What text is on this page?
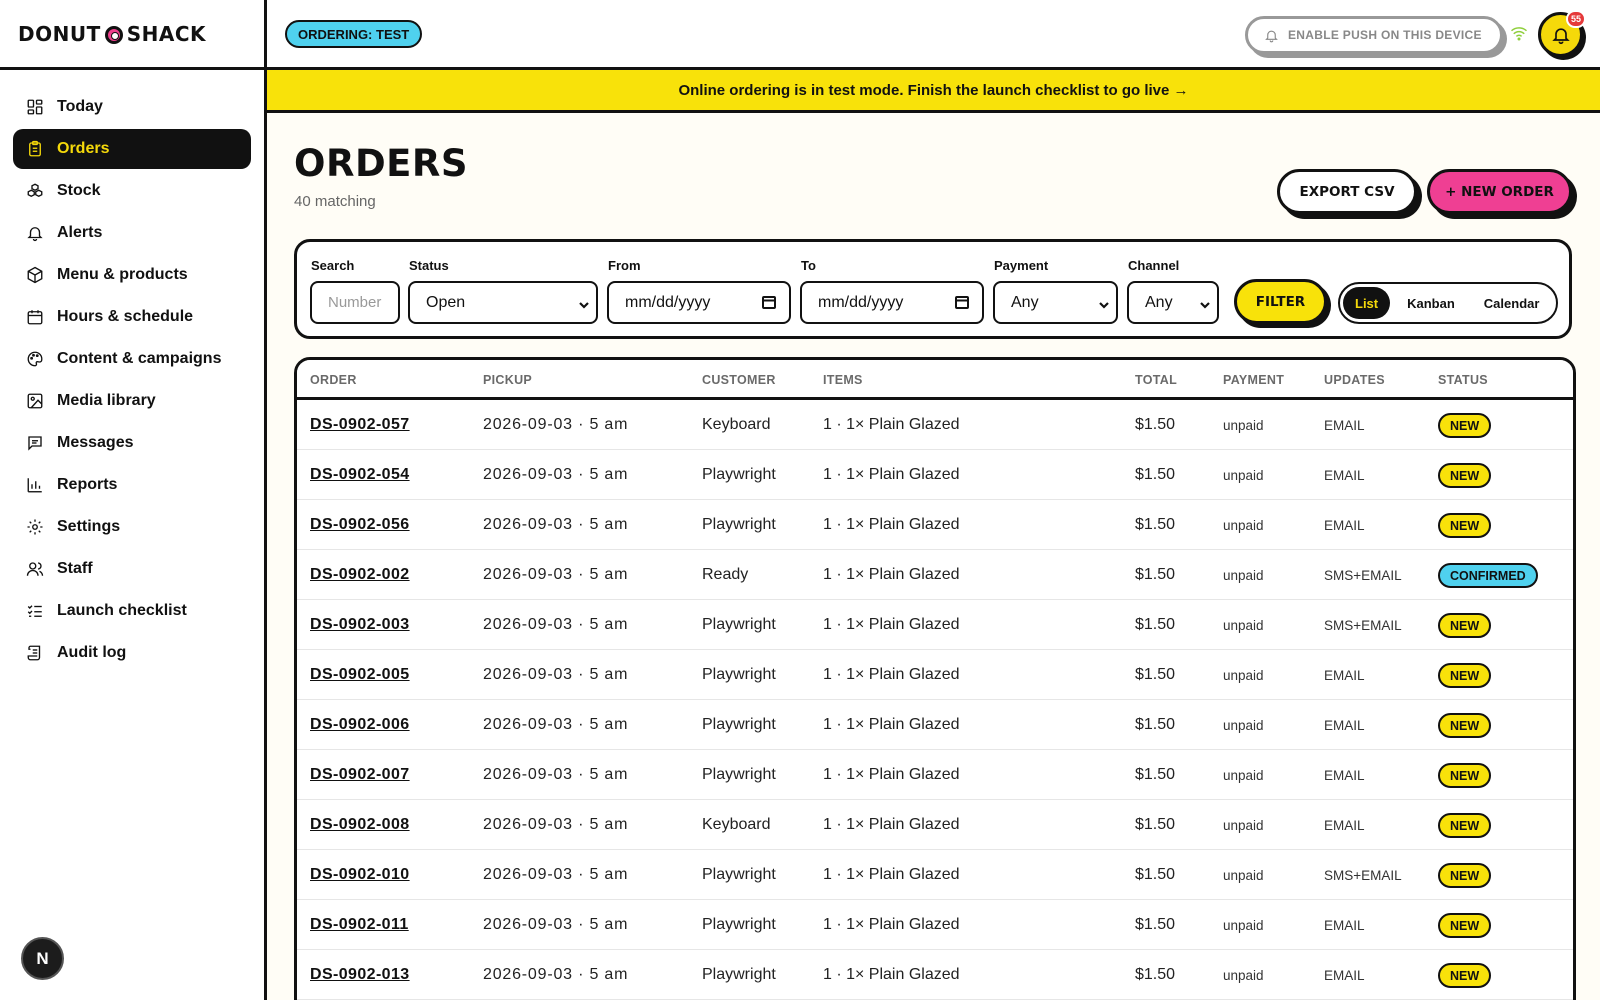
DONUT SHACK
Today
Orders
Stock
Alerts
Menu & products
Hours & schedule
Content & campaigns
Media library
Messages
Reports
Settings
Staff
Launch checklist
Audit log
N
ORDERING: TEST	ENABLE PUSH ON THIS DEVICE
55
Online ordering is in test mode. Finish the launch checklist to go live →
ORDERS
40 matching
EXPORT CSV	+ NEW ORDER
Search
Number
Status
Open
From
mm/dd/yyyy
To
mm/dd/yyyy
Payment
Any
Channel
Any	FILTER	List	Kanban	Calendar
ORDER	PICKUP	CUSTOMER	ITEMS	TOTAL	PAYMENT	UPDATES	STATUS
DS-0902-057	2026-09-03 · 5 am	Keyboard	1 · 1× Plain Glazed	$1.50	unpaid	EMAIL	NEW
DS-0902-054	2026-09-03 · 5 am	Playwright	1 · 1× Plain Glazed	$1.50	unpaid	EMAIL	NEW
DS-0902-056	2026-09-03 · 5 am	Playwright	1 · 1× Plain Glazed	$1.50	unpaid	EMAIL	NEW
DS-0902-002	2026-09-03 · 5 am	Ready	1 · 1× Plain Glazed	$1.50	unpaid	SMS+EMAIL	CONFIRMED
DS-0902-003	2026-09-03 · 5 am	Playwright	1 · 1× Plain Glazed	$1.50	unpaid	SMS+EMAIL	NEW
DS-0902-005	2026-09-03 · 5 am	Playwright	1 · 1× Plain Glazed	$1.50	unpaid	EMAIL	NEW
DS-0902-006	2026-09-03 · 5 am	Playwright	1 · 1× Plain Glazed	$1.50	unpaid	EMAIL	NEW
DS-0902-007	2026-09-03 · 5 am	Playwright	1 · 1× Plain Glazed	$1.50	unpaid	EMAIL	NEW
DS-0902-008	2026-09-03 · 5 am	Keyboard	1 · 1× Plain Glazed	$1.50	unpaid	EMAIL	NEW
DS-0902-010	2026-09-03 · 5 am	Playwright	1 · 1× Plain Glazed	$1.50	unpaid	SMS+EMAIL	NEW
DS-0902-011	2026-09-03 · 5 am	Playwright	1 · 1× Plain Glazed	$1.50	unpaid	EMAIL	NEW
DS-0902-013	2026-09-03 · 5 am	Playwright	1 · 1× Plain Glazed	$1.50	unpaid	EMAIL	NEW
